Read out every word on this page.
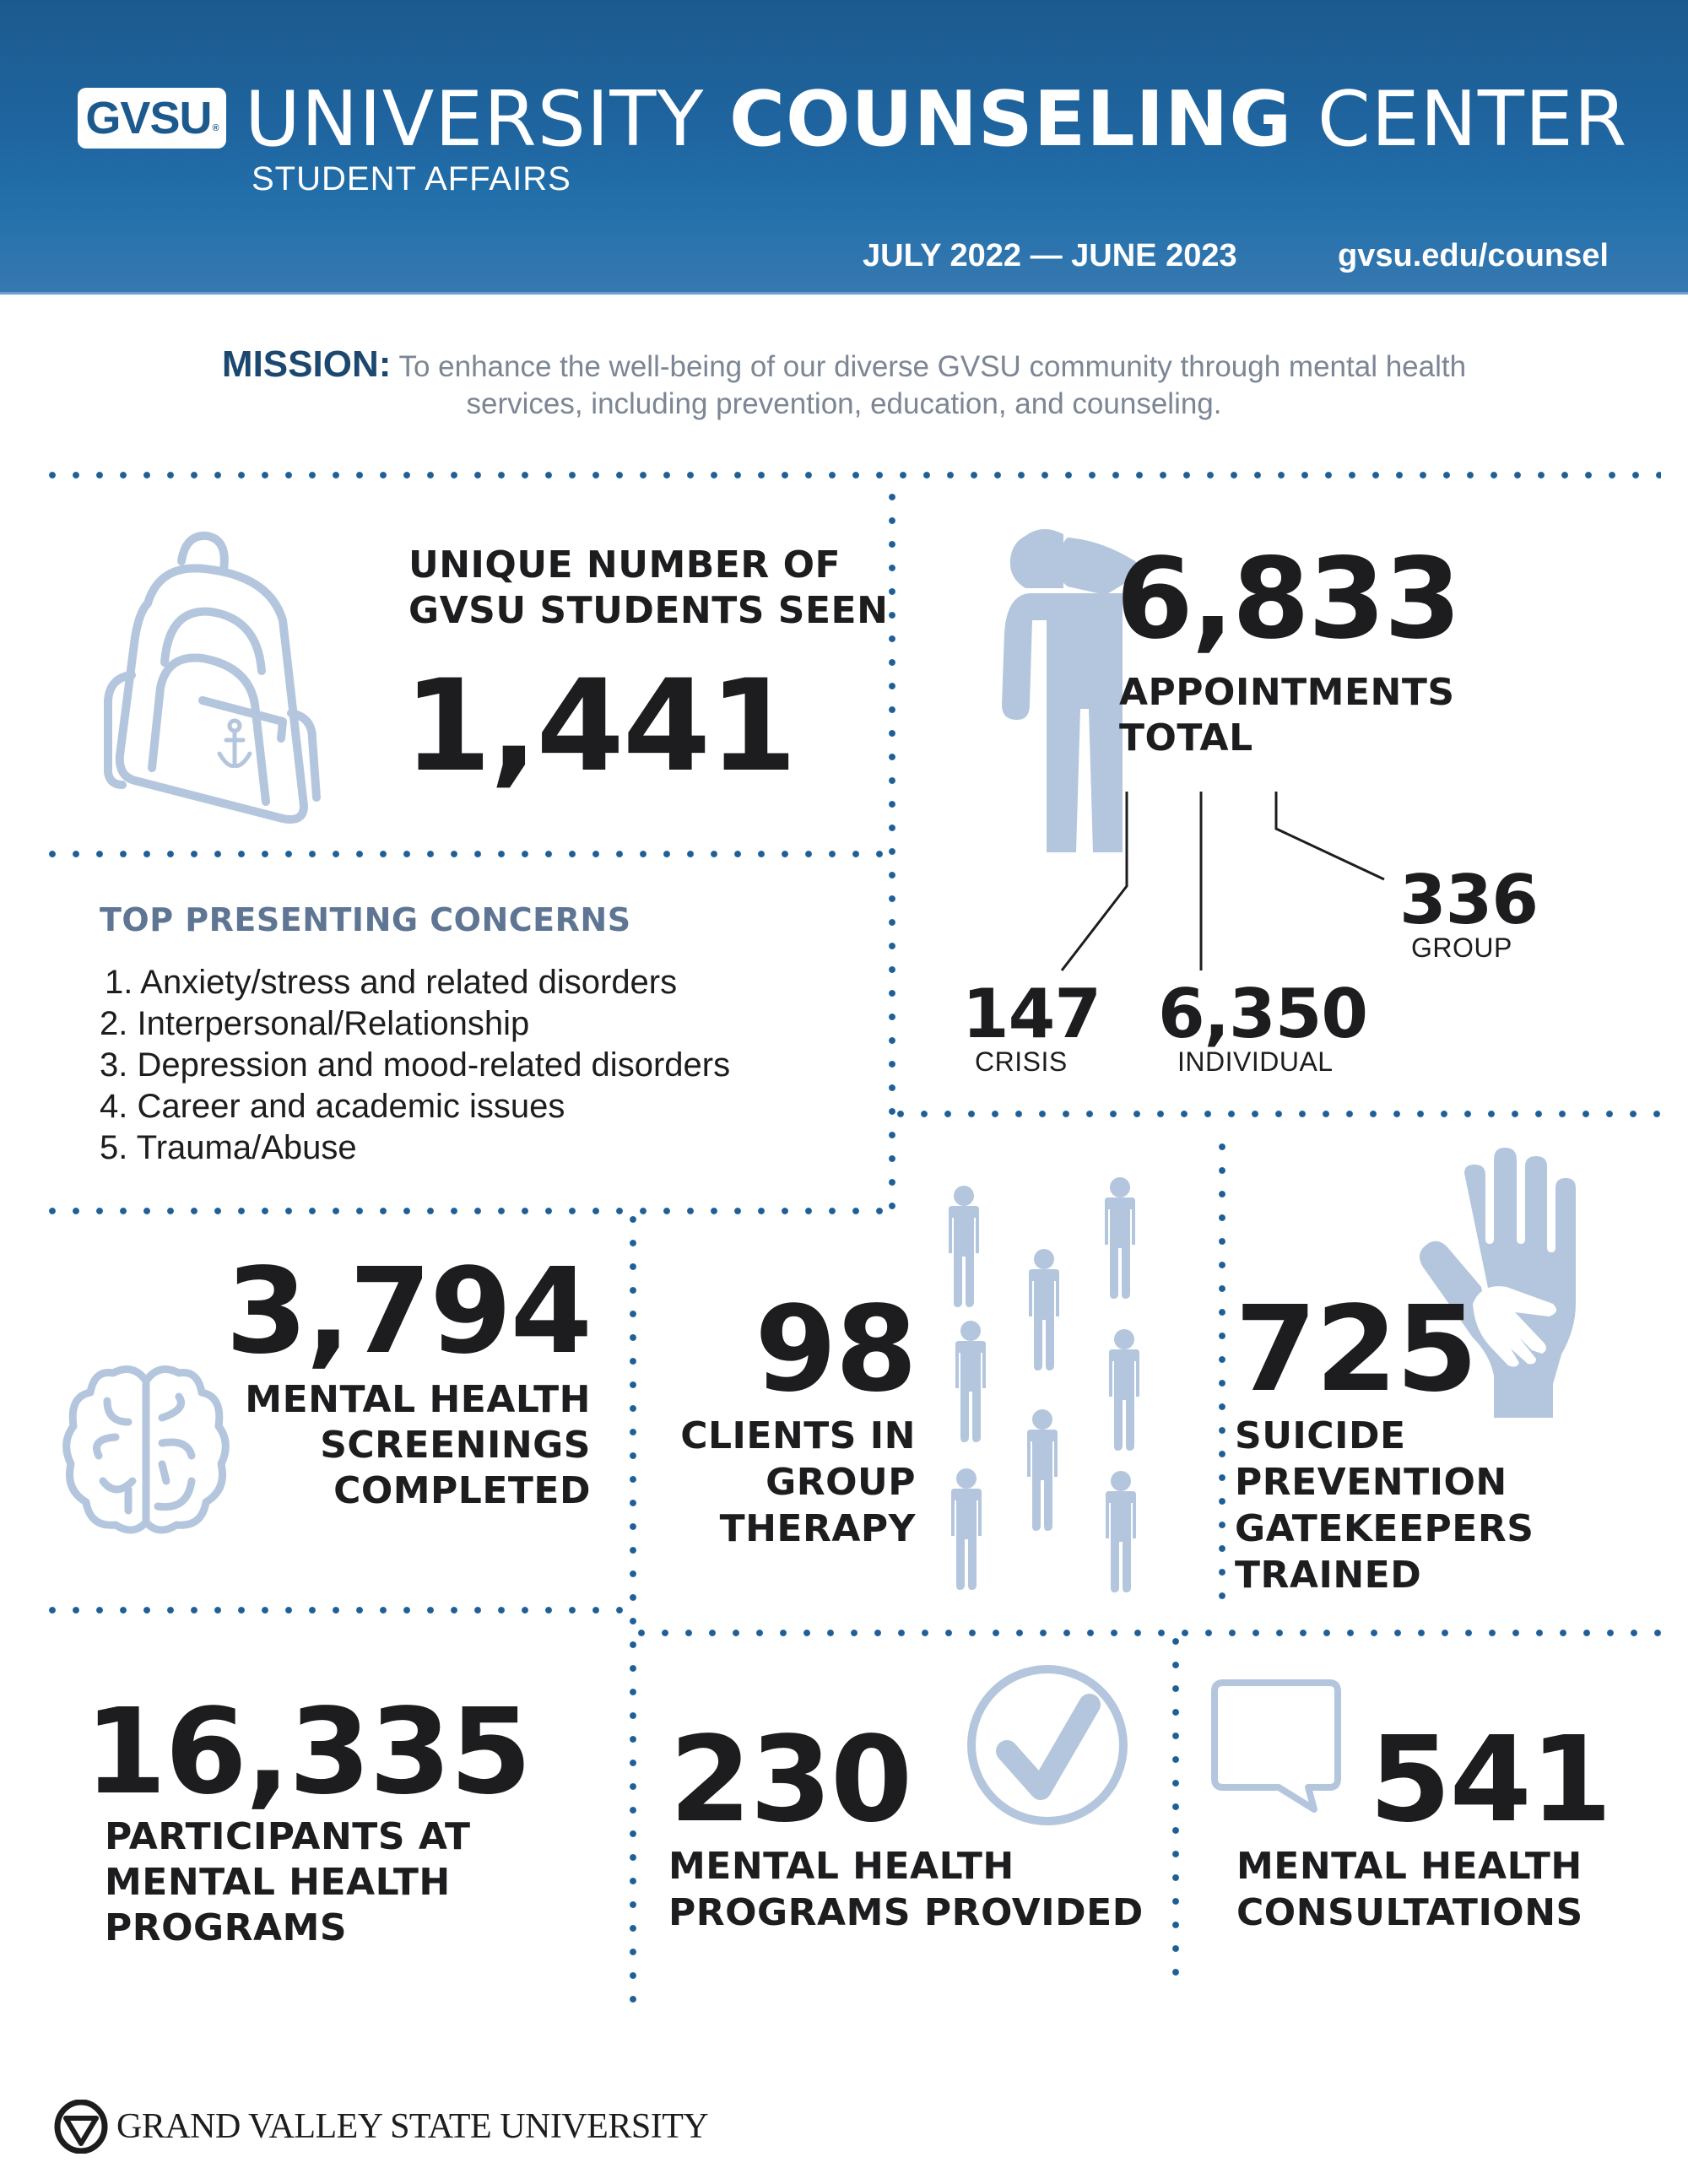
GVSU ® UNIVERSITY COUNSELING CENTER
STUDENT AFFAIRS
JULY 2022 — JUNE 2023	gvsu.edu/counsel
MISSION: To enhance the well-being of our diverse GVSU community through mental health services, including prevention, education, and counseling.
UNIQUE NUMBER OF
GVSU STUDENTS SEEN
1,441
6,833
APPOINTMENTS
TOTAL
147
CRISIS
6,350
INDIVIDUAL
336
GROUP
TOP PRESENTING CONCERNS
1. Anxiety/stress and related disorders
2. Interpersonal/Relationship
3. Depression and mood-related disorders
4. Career and academic issues
5. Trauma/Abuse
3,794
MENTAL HEALTH
SCREENINGS
COMPLETED
98
CLIENTS IN
GROUP
THERAPY
725
SUICIDE
PREVENTION
GATEKEEPERS
TRAINED
16,335
PARTICIPANTS AT
MENTAL HEALTH
PROGRAMS
230
MENTAL HEALTH
PROGRAMS PROVIDED
541
MENTAL HEALTH
CONSULTATIONS
GRAND VALLEY STATE UNIVERSITY
